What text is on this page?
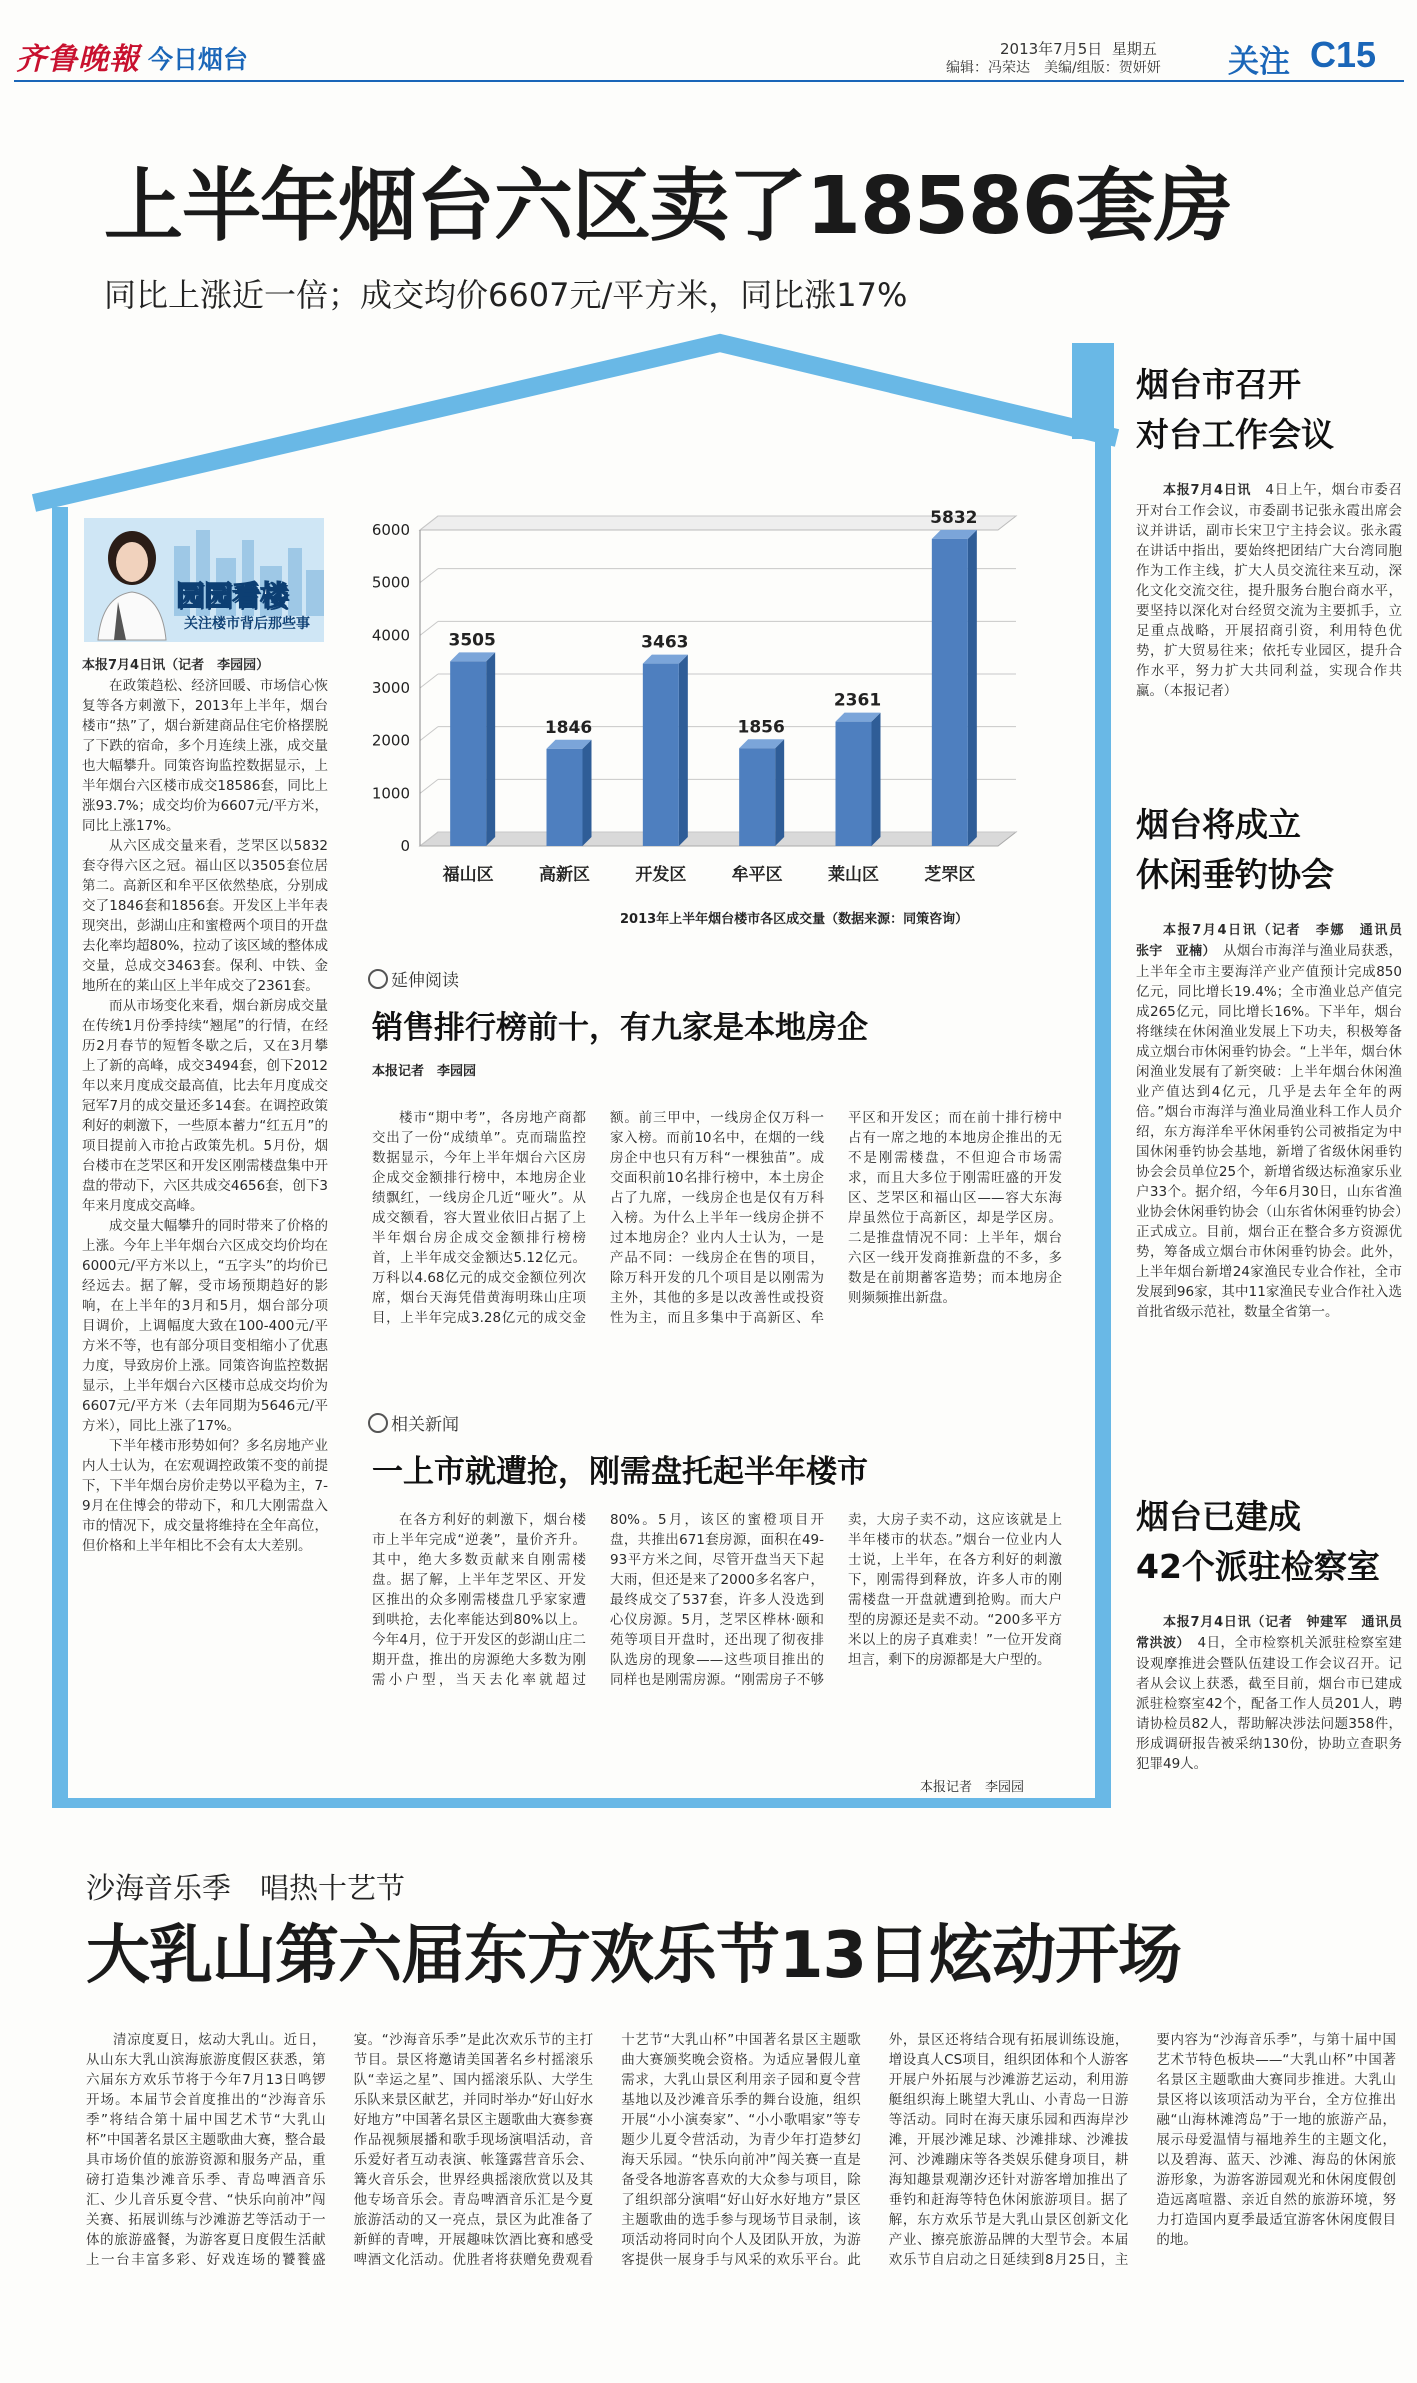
齐鲁晚報 今日烟台	2013年7月5日 星期五
编辑：冯荣达　美编/组版：贺妍妍 关注 C15
上半年烟台六区卖了18586套房
同比上涨近一倍；成交均价6607元/平方米，同比涨17%
园园看楼
关注楼市背后那些事

本报7月4日讯（记者　李园园）

在政策趋松、经济回暖、市场信心恢复等各方刺激下，2013年上半年，烟台楼市“热”了，烟台新建商品住宅价格摆脱了下跌的宿命，多个月连续上涨，成交量也大幅攀升。同策咨询监控数据显示，上半年烟台六区楼市成交18586套，同比上涨93.7%；成交均价为6607元/平方米，同比上涨17%。

从六区成交量来看，芝罘区以5832套夺得六区之冠。福山区以3505套位居第二。高新区和牟平区依然垫底，分别成交了1846套和1856套。开发区上半年表现突出，彭湖山庄和蜜橙两个项目的开盘去化率均超80%，拉动了该区域的整体成交量，总成交3463套。保利、中铁、金地所在的莱山区上半年成交了2361套。

而从市场变化来看，烟台新房成交量在传统1月份季持续“翘尾”的行情，在经历2月春节的短暂冬歇之后，又在3月攀上了新的高峰，成交3494套，创下2012年以来月度成交最高值，比去年月度成交冠军7月的成交量还多14套。在调控政策利好的刺激下，一些原本蓄力“红五月”的项目提前入市抢占政策先机。5月份，烟台楼市在芝罘区和开发区刚需楼盘集中开盘的带动下，六区共成交4656套，创下3年来月度成交高峰。

成交量大幅攀升的同时带来了价格的上涨。今年上半年烟台六区成交均价均在6000元/平方米以上，“五字头”的均价已经远去。据了解，受市场预期趋好的影响，在上半年的3月和5月，烟台部分项目调价，上调幅度大致在100-400元/平方米不等，也有部分项目变相缩小了优惠力度，导致房价上涨。同策咨询监控数据显示，上半年烟台六区楼市总成交均价为6607元/平方米（去年同期为5646元/平方米），同比上涨了17%。

下半年楼市形势如何？多名房地产业内人士认为，在宏观调控政策不变的前提下，下半年烟台房价走势以平稳为主，7-9月在住博会的带动下，和几大刚需盘入市的情况下，成交量将维持在全年高位，但价格和上半年相比不会有太大差别。

0
1000
2000
3000
4000
5000
6000
3505
福山区
1846
高新区
3463
开发区
1856
牟平区
2361
莱山区
5832
芝罘区
2013年上半年烟台楼市各区成交量（数据来源：同策咨询）
延伸阅读
销售排行榜前十，有九家是本地房企
本报记者　李园园

楼市“期中考”，各房地产商都交出了一份“成绩单”。克而瑞监控数据显示，今年上半年烟台六区房企成交金额排行榜中，本地房企业绩飘红，一线房企几近“哑火”。从成交额看，容大置业依旧占据了上半年烟台房企成交金额排行榜榜首，上半年成交金额达5.12亿元。万科以4.68亿元的成交金额位列次席，烟台天海凭借黄海明珠山庄项目，上半年完成3.28亿元的成交金额。前三甲中，一线房企仅万科一家入榜。而前10名中，在烟的一线房企中也只有万科“一棵独苗”。成交面积前10名排行榜中，本土房企占了九席，一线房企也是仅有万科入榜。为什么上半年一线房企拼不过本地房企？业内人士认为，一是产品不同：一线房企在售的项目，除万科开发的几个项目是以刚需为主外，其他的多是以改善性或投资性为主，而且多集中于高新区、牟平区和开发区；而在前十排行榜中占有一席之地的本地房企推出的无不是刚需楼盘，不但迎合市场需求，而且大多位于刚需旺盛的开发区、芝罘区和福山区——容大东海岸虽然位于高新区，却是学区房。二是推盘情况不同：上半年，烟台六区一线开发商推新盘的不多，多数是在前期蓄客造势；而本地房企则频频推出新盘。

相关新闻
一上市就遭抢，刚需盘托起半年楼市

在各方利好的刺激下，烟台楼市上半年完成“逆袭”，量价齐升。其中，绝大多数贡献来自刚需楼盘。据了解，上半年芝罘区、开发区推出的众多刚需楼盘几乎家家遭到哄抢，去化率能达到80%以上。今年4月，位于开发区的彭湖山庄二期开盘，推出的房源绝大多数为刚需小户型，当天去化率就超过80%。5月，该区的蜜橙项目开盘，共推出671套房源，面积在49-93平方米之间，尽管开盘当天下起大雨，但还是来了2000多名客户，最终成交了537套，许多人没选到心仪房源。5月，芝罘区桦林·颐和苑等项目开盘时，还出现了彻夜排队选房的现象——这些项目推出的同样也是刚需房源。“刚需房子不够卖，大房子卖不动，这应该就是上半年楼市的状态。”烟台一位业内人士说，上半年，在各方利好的刺激下，刚需得到释放，许多人市的刚需楼盘一开盘就遭到抢购。而大户型的房源还是卖不动。“200多平方米以上的房子真难卖！”一位开发商坦言，剩下的房源都是大户型的。

本报记者　李园园
烟台市召开
对台工作会议

本报7月4日讯　 4日上午，烟台市委召开对台工作会议，市委副书记张永霞出席会议并讲话，副市长宋卫宁主持会议。张永霞在讲话中指出，要始终把团结广大台湾同胞作为工作主线，扩大人员交流往来互动，深化文化交流交往，提升服务台胞台商水平，要坚持以深化对台经贸交流为主要抓手，立足重点战略，开展招商引资，利用特色优势，扩大贸易往来；依托专业园区，提升合作水平，努力扩大共同利益，实现合作共赢。（本报记者）

烟台将成立
休闲垂钓协会

本报7月4日讯（记者　李娜　通讯员　张宇　亚楠）　 从烟台市海洋与渔业局获悉，上半年全市主要海洋产业产值预计完成850亿元，同比增长19.4%；全市渔业总产值完成265亿元，同比增长16%。下半年，烟台将继续在休闲渔业发展上下功夫，积极筹备成立烟台市休闲垂钓协会。“上半年，烟台休闲渔业发展有了新突破：上半年烟台休闲渔业产值达到4亿元，几乎是去年全年的两倍。”烟台市海洋与渔业局渔业科工作人员介绍，东方海洋牟平休闲垂钓公司被指定为中国休闲垂钓协会基地，新增了省级休闲垂钓协会会员单位25个，新增省级达标渔家乐业户33个。据介绍，今年6月30日，山东省渔业协会休闲垂钓协会（山东省休闲垂钓协会）正式成立。目前，烟台正在整合多方资源优势，筹备成立烟台市休闲垂钓协会。此外，上半年烟台新增24家渔民专业合作社，全市发展到96家，其中11家渔民专业合作社入选首批省级示范社，数量全省第一。

烟台已建成
42个派驻检察室

本报7月4日讯（记者　钟建军　通讯员　常洪波）　 4日，全市检察机关派驻检察室建设观摩推进会暨队伍建设工作会议召开。记者从会议上获悉，截至目前，烟台市已建成派驻检察室42个，配备工作人员201人，聘请协检员82人，帮助解决涉法问题358件，形成调研报告被采纳130份，协助立查职务犯罪49人。

沙海音乐季　唱热十艺节
大乳山第六届东方欢乐节13日炫动开场

清凉度夏日，炫动大乳山。近日，从山东大乳山滨海旅游度假区获悉，第六届东方欢乐节将于今年7月13日鸣锣开场。本届节会首度推出的“沙海音乐季”将结合第十届中国艺术节“大乳山杯”中国著名景区主题歌曲大赛，整合最具市场价值的旅游资源和服务产品，重磅打造集沙滩音乐季、青岛啤酒音乐汇、少儿音乐夏令营、“快乐向前冲”闯关赛、拓展训练与沙滩游艺等活动于一体的旅游盛餐，为游客夏日度假生活献上一台丰富多彩、好戏连场的饕餮盛宴。“沙海音乐季”是此次欢乐节的主打节目。景区将邀请美国著名乡村摇滚乐队“幸运之星”、国内摇滚乐队、大学生乐队来景区献艺，并同时举办“好山好水好地方”中国著名景区主题歌曲大赛参赛作品视频展播和歌手现场演唱活动，音乐爱好者互动表演、帐篷露营音乐会、篝火音乐会，世界经典摇滚欣赏以及其他专场音乐会。青岛啤酒音乐汇是今夏旅游活动的又一亮点，景区为此准备了新鲜的青啤，开展趣味饮酒比赛和感受啤酒文化活动。优胜者将获赠免费观看十艺节“大乳山杯”中国著名景区主题歌曲大赛颁奖晚会资格。为适应暑假儿童需求，大乳山景区利用亲子园和夏令营基地以及沙滩音乐季的舞台设施，组织开展“小小演奏家”、“小小歌唱家”等专题少儿夏令营活动，为青少年打造梦幻海天乐园。“快乐向前冲”闯关赛一直是备受各地游客喜欢的大众参与项目，除了组织部分演唱“好山好水好地方”景区主题歌曲的选手参与现场节目录制，该项活动将同时向个人及团队开放，为游客提供一展身手与风采的欢乐平台。此外，景区还将结合现有拓展训练设施，增设真人CS项目，组织团体和个人游客开展户外拓展与沙滩游艺运动，利用游艇组织海上眺望大乳山、小青岛一日游等活动。同时在海天康乐园和西海岸沙滩，开展沙滩足球、沙滩排球、沙滩拔河、沙滩蹦床等各类娱乐健身项目，耕海知趣景观潮汐还针对游客增加推出了垂钓和赶海等特色休闲旅游项目。据了解，东方欢乐节是大乳山景区创新文化产业、擦亮旅游品牌的大型节会。本届欢乐节自启动之日延续到8月25日，主要内容为“沙海音乐季”，与第十届中国艺术节特色板块——“大乳山杯”中国著名景区主题歌曲大赛同步推进。大乳山景区将以该项活动为平台，全方位推出融“山海林滩湾岛”于一地的旅游产品，展示母爱温情与福地养生的主题文化，以及碧海、蓝天、沙滩、海岛的休闲旅游形象，为游客游园观光和休闲度假创造远离喧嚣、亲近自然的旅游环境，努力打造国内夏季最适宜游客休闲度假目的地。
